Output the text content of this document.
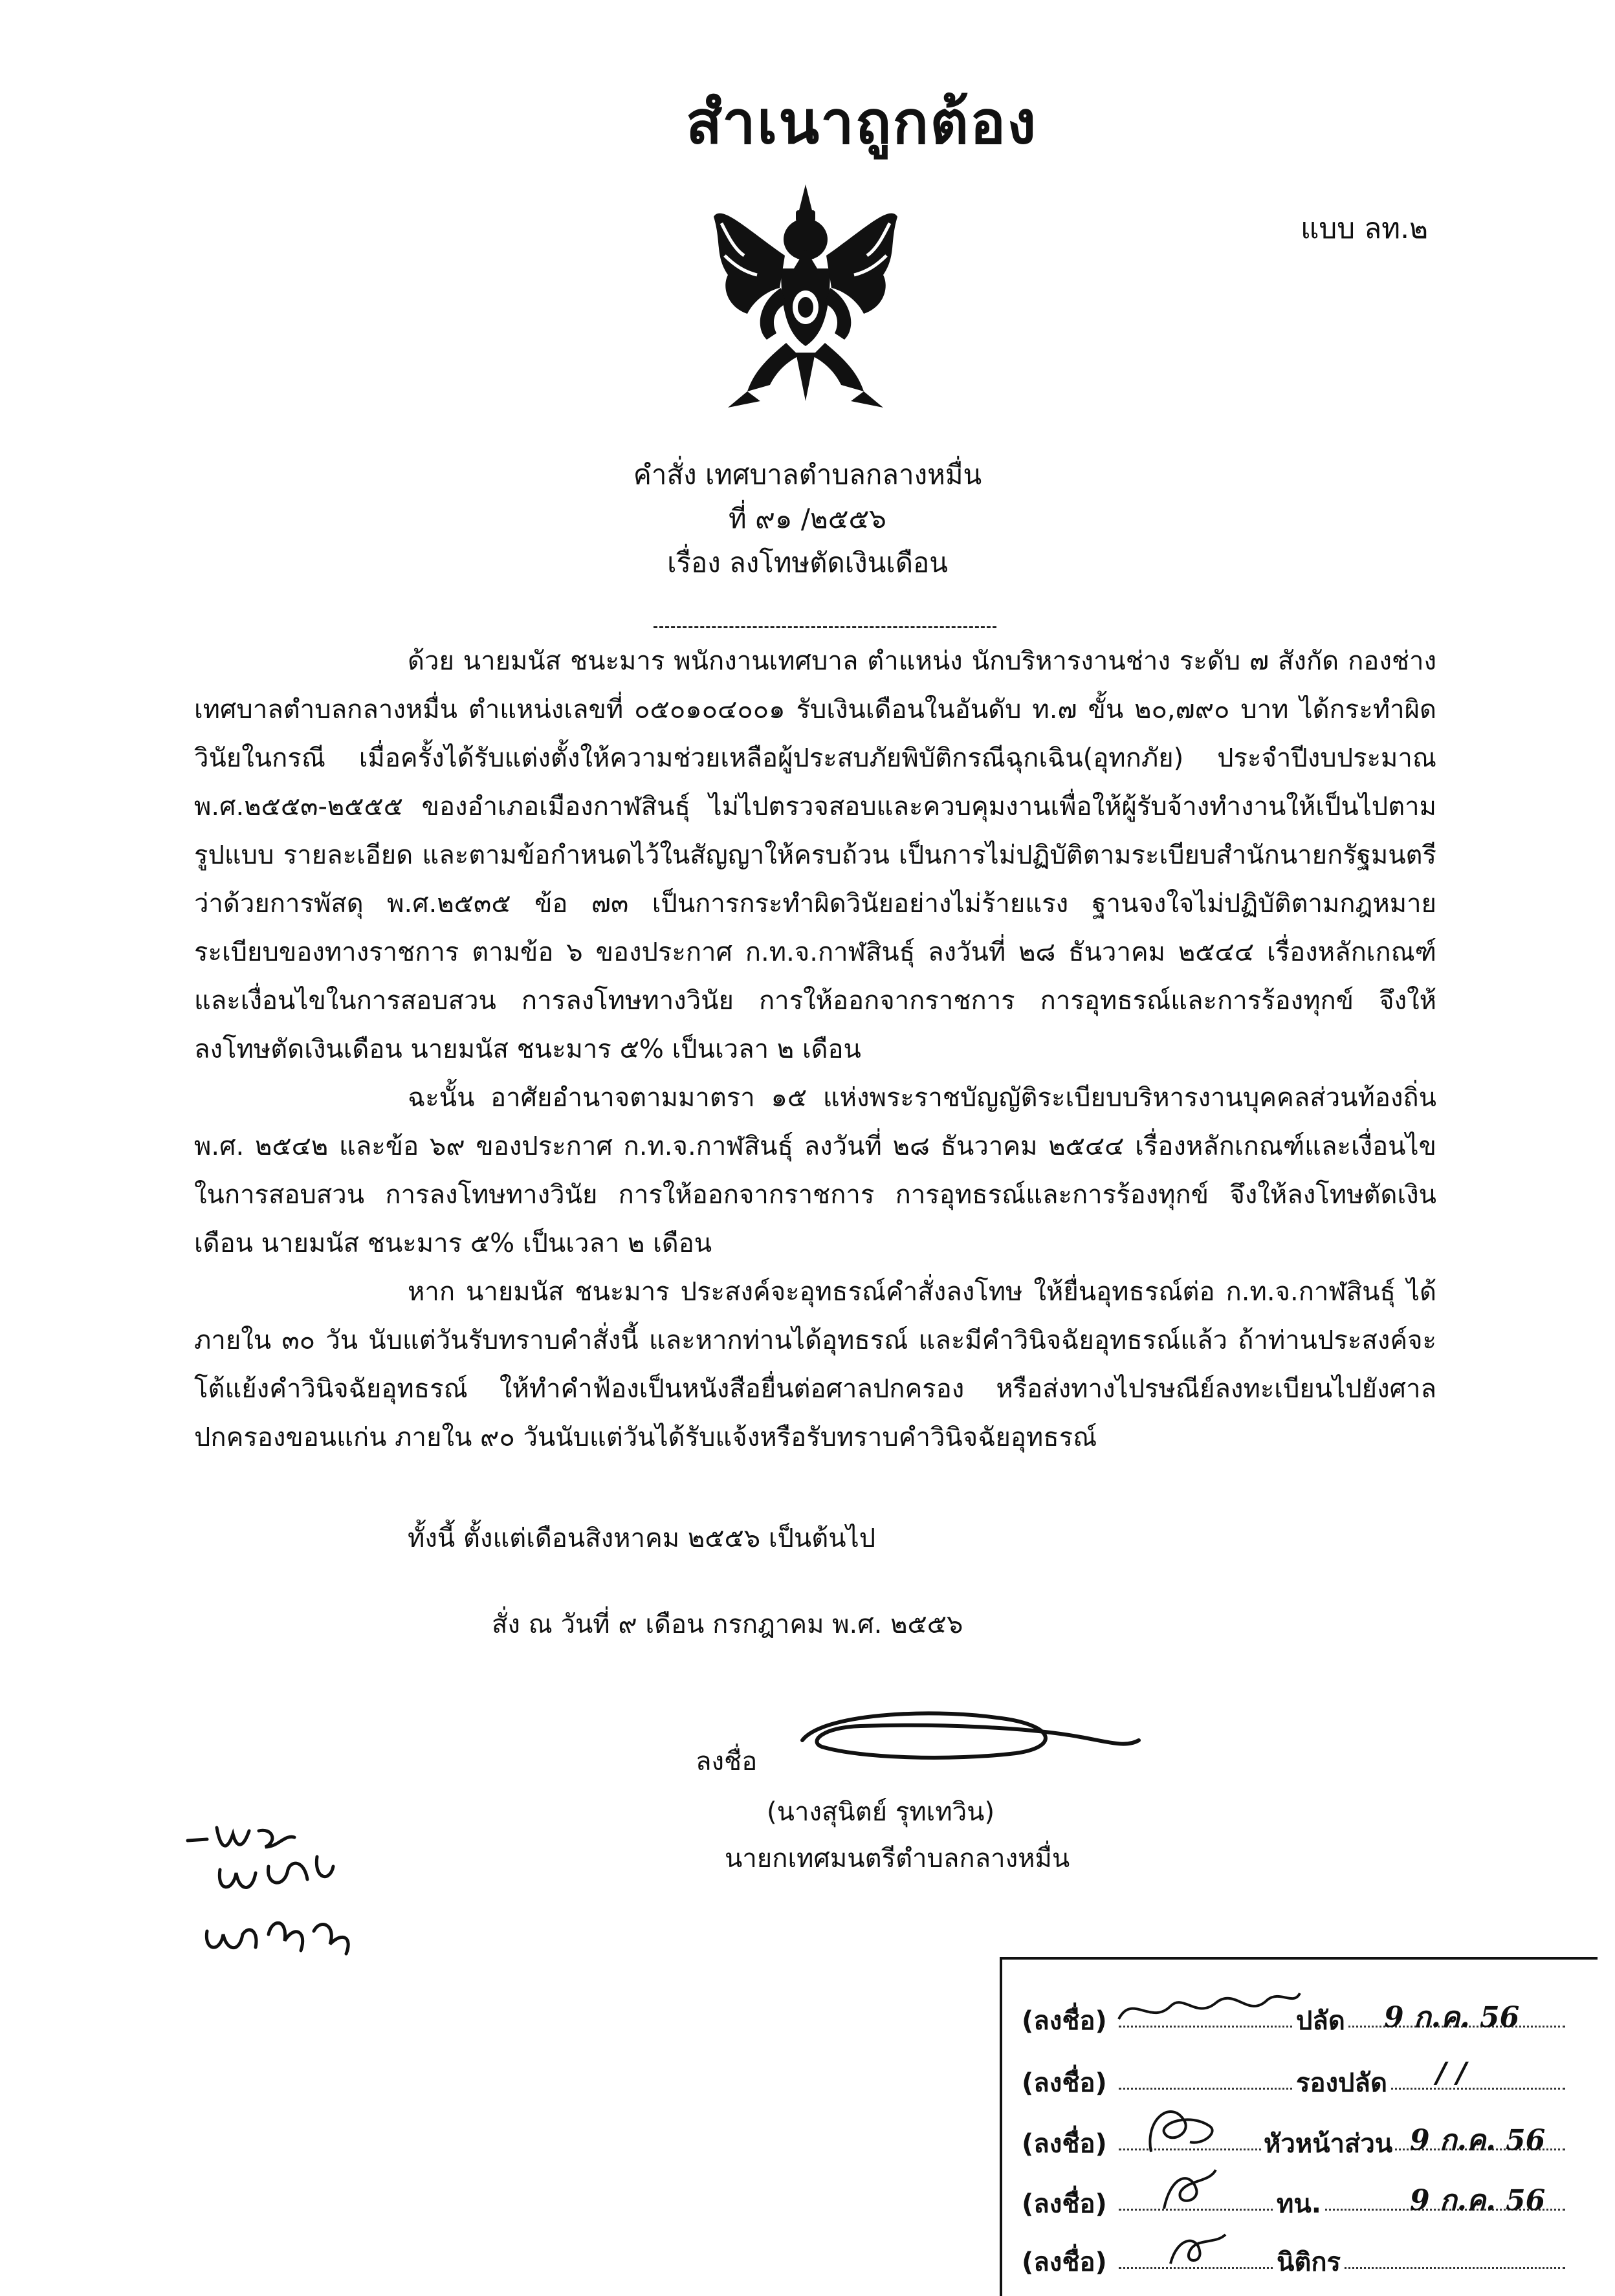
สำเนาถูกต้อง
แบบ ลท.๒
คำสั่ง เทศบาลตำบลกลางหมื่น
ที่ ๙๑ /๒๕๕๖
เรื่อง ลงโทษตัดเงินเดือน

ด้วย นายมนัส ชนะมาร พนักงานเทศบาล ตำแหน่ง นักบริหารงานช่าง ระดับ ๗ สังกัด กองช่าง เทศบาลตำบลกลางหมื่น ตำแหน่งเลขที่ ๐๕๐๑๐๔๐๐๑ รับเงินเดือนในอันดับ ท.๗ ขั้น ๒๐,๗๙๐ บาท ได้กระทำผิดวินัยในกรณี เมื่อครั้งได้รับแต่งตั้งให้ความช่วยเหลือผู้ประสบภัยพิบัติกรณีฉุกเฉิน(อุทกภัย) ประจำปีงบประมาณ พ.ศ.๒๕๕๓-๒๕๕๕ ของอำเภอเมืองกาฬสินธุ์ ไม่ไปตรวจสอบและควบคุมงานเพื่อให้ผู้รับจ้างทำงานให้เป็นไปตามรูปแบบ รายละเอียด และตามข้อกำหนดไว้ในสัญญาให้ครบถ้วน เป็นการไม่ปฏิบัติตามระเบียบสำนักนายกรัฐมนตรีว่าด้วยการพัสดุ พ.ศ.๒๕๓๕ ข้อ ๗๓ เป็นการกระทำผิดวินัยอย่างไม่ร้ายแรง ฐานจงใจไม่ปฏิบัติตามกฎหมาย ระเบียบของทางราชการ ตามข้อ ๖ ของประกาศ ก.ท.จ.กาฬสินธุ์ ลงวันที่ ๒๘ ธันวาคม ๒๕๔๔ เรื่องหลักเกณฑ์และเงื่อนไขในการสอบสวน การลงโทษทางวินัย การให้ออกจากราชการ การอุทธรณ์และการร้องทุกข์ จึงให้ลงโทษตัดเงินเดือน นายมนัส ชนะมาร ๕% เป็นเวลา ๒ เดือน

ฉะนั้น อาศัยอำนาจตามมาตรา ๑๕ แห่งพระราชบัญญัติระเบียบบริหารงานบุคคลส่วนท้องถิ่น พ.ศ. ๒๕๔๒ และข้อ ๖๙ ของประกาศ ก.ท.จ.กาฬสินธุ์ ลงวันที่ ๒๘ ธันวาคม ๒๕๔๔ เรื่องหลักเกณฑ์และเงื่อนไขในการสอบสวน การลงโทษทางวินัย การให้ออกจากราชการ การอุทธรณ์และการร้องทุกข์ จึงให้ลงโทษตัดเงินเดือน นายมนัส ชนะมาร ๕% เป็นเวลา ๒ เดือน

หาก นายมนัส ชนะมาร ประสงค์จะอุทธรณ์คำสั่งลงโทษ ให้ยื่นอุทธรณ์ต่อ ก.ท.จ.กาฬสินธุ์ ได้ภายใน ๓๐ วัน นับแต่วันรับทราบคำสั่งนี้ และหากท่านได้อุทธรณ์ และมีคำวินิจฉัยอุทธรณ์แล้ว ถ้าท่านประสงค์จะโต้แย้งคำวินิจฉัยอุทธรณ์ ให้ทำคำฟ้องเป็นหนังสือยื่นต่อศาลปกครอง หรือส่งทางไปรษณีย์ลงทะเบียนไปยังศาลปกครองขอนแก่น ภายใน ๙๐ วันนับแต่วันได้รับแจ้งหรือรับทราบคำวินิจฉัยอุทธรณ์

ทั้งนี้ ตั้งแต่เดือนสิงหาคม ๒๕๕๖ เป็นต้นไป
สั่ง ณ วันที่ ๙ เดือน กรกฎาคม พ.ศ. ๒๕๕๖
ลงชื่อ
(นางสุนิตย์ รุทเทวิน)
นายกเทศมนตรีตำบลกลางหมื่น
(ลงชื่อ)	ปลัด 9 ก.ค. 56
(ลงชื่อ)	รองปลัด / /
(ลงชื่อ)	หัวหน้าส่วน 9 ก.ค. 56
(ลงชื่อ)	ทน.	9 ก.ค. 56
(ลงชื่อ)	นิติกร
